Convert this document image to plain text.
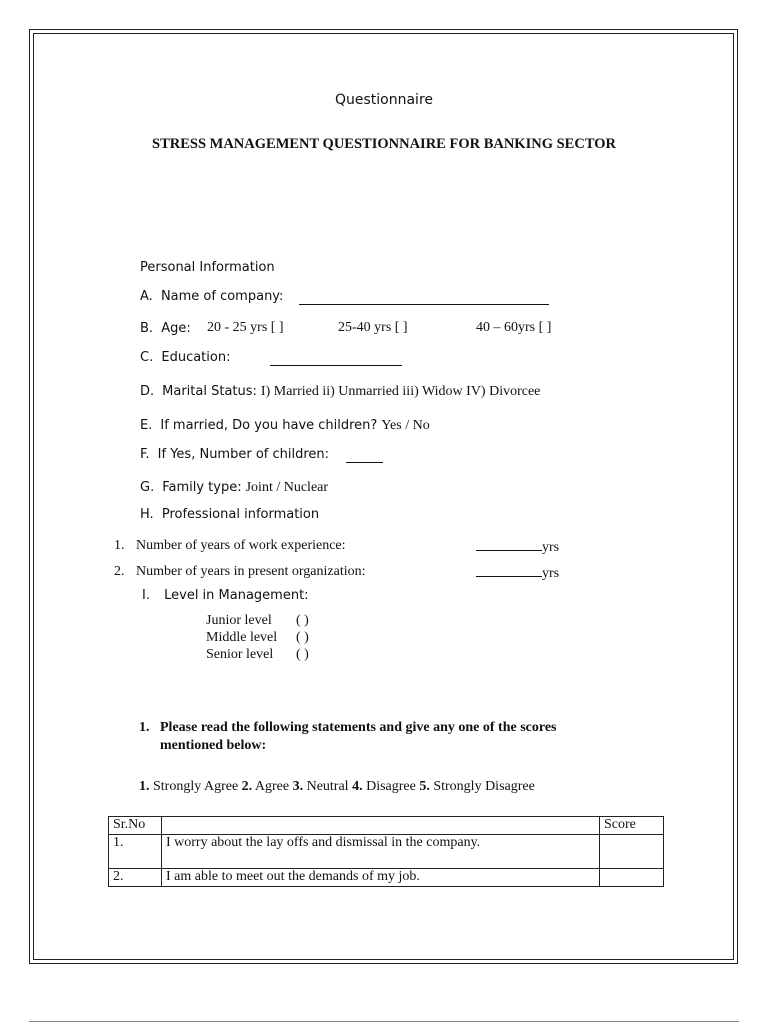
Questionnaire
STRESS MANAGEMENT QUESTIONNAIRE FOR BANKING SECTOR
Personal Information
A. Name of company:
B. Age: 20 - 25 yrs [ ]	25-40 yrs [ ]	40 – 60yrs [ ]
C. Education:
D. Marital Status: I) Married ii) Unmarried iii) Widow IV) Divorcee
E. If married, Do you have children? Yes / No
F. If Yes, Number of children:
G. Family type: Joint / Nuclear
H. Professional information
1. Number of years of work experience:	yrs
2. Number of years in present organization:	yrs
I. Level in Management:
Junior level ( )
Middle level ( )
Senior level ( )
1. Please read the following statements and give any one of the scores
mentioned below:
1. Strongly Agree 2. Agree 3. Neutral 4. Disagree 5. Strongly Disagree
Sr.No		Score
1.	I worry about the lay offs and dismissal in the company.	
2.	I am able to meet out the demands of my job.	
